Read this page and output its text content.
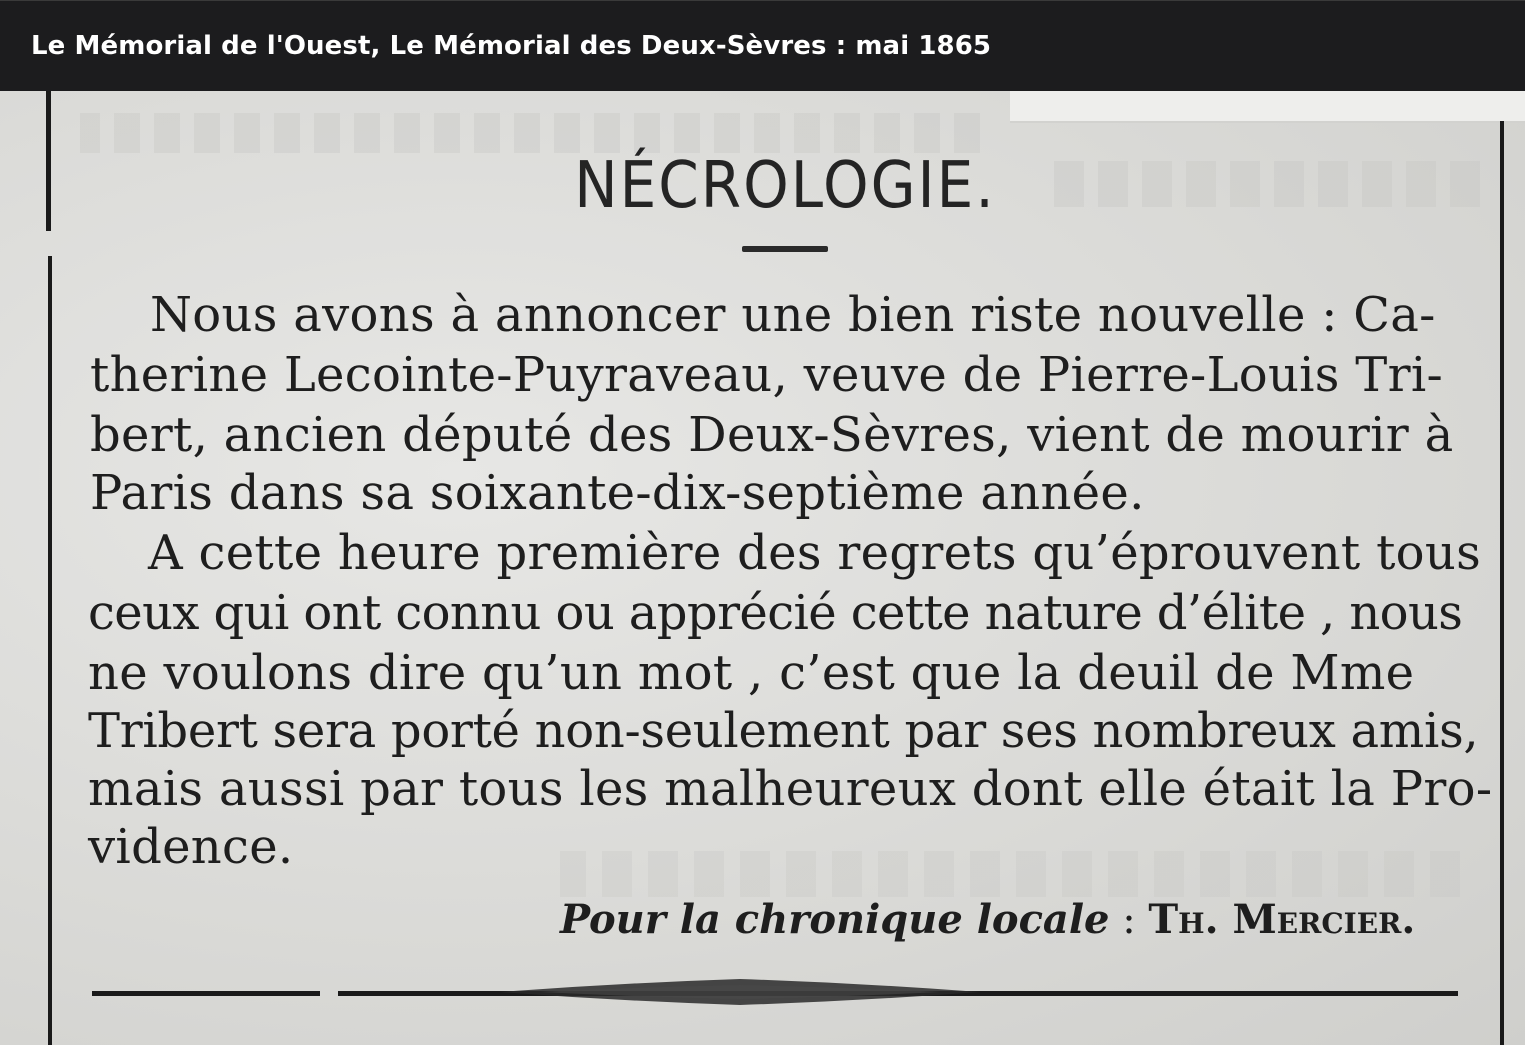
Le Mémorial de l'Ouest, Le Mémorial des Deux-Sèvres : mai 1865
NÉCROLOGIE.
Nous avons à annoncer une bien riste nouvelle : Ca-
therine Lecointe-Puyraveau, veuve de Pierre-Louis Tri-
bert, ancien député des Deux-Sèvres, vient de mourir à
Paris dans sa soixante-dix-septième année.
A cette heure première des regrets qu’éprouvent tous
ceux qui ont connu ou apprécié cette nature d’élite , nous
ne voulons dire qu’un mot , c’est que la deuil de Mme
Tribert sera porté non-seulement par ses nombreux amis,
mais aussi par tous les malheureux dont elle était la Pro-
vidence.
Pour la chronique locale : Th. Mercier.
